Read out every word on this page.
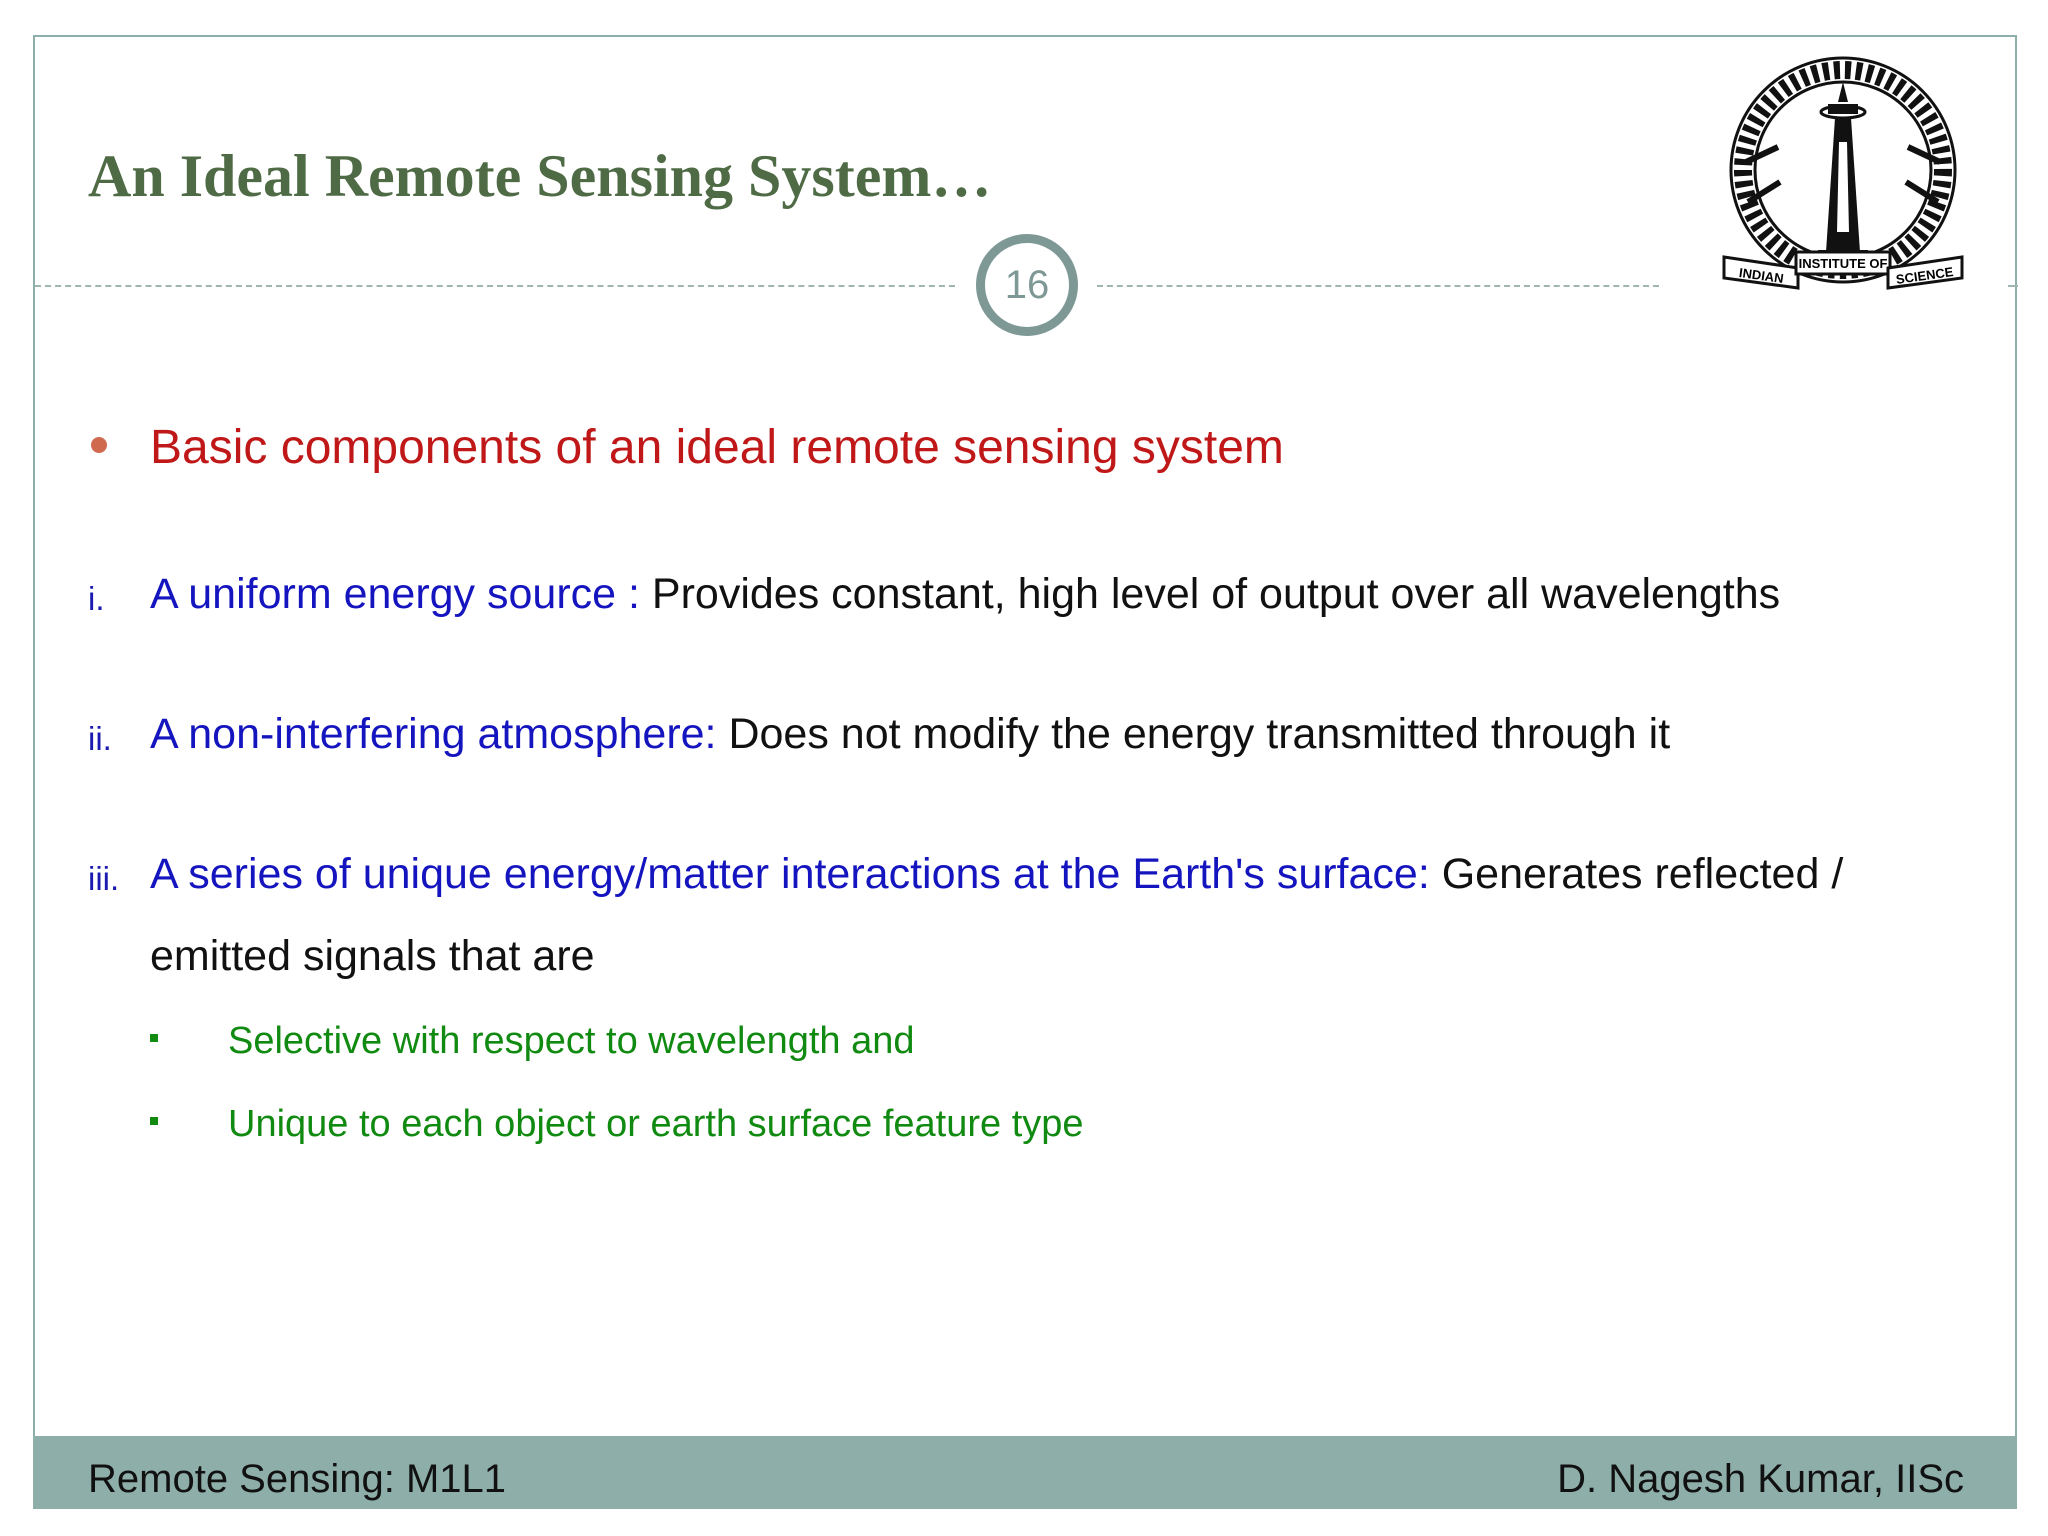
An Ideal Remote Sensing System…
16	INDIAN
INSTITUTE OF
SCIENCE
Basic components of an ideal remote sensing system
i. A uniform energy source : Provides constant, high level of output over all wavelengths
ii. A non-interfering atmosphere: Does not modify the energy transmitted through it
iii. A series of unique energy/matter interactions at the Earth's surface: Generates reflected /
emitted signals that are
Selective with respect to wavelength and
Unique to each object or earth surface feature type
Remote Sensing: M1L1	D. Nagesh Kumar, IISc
